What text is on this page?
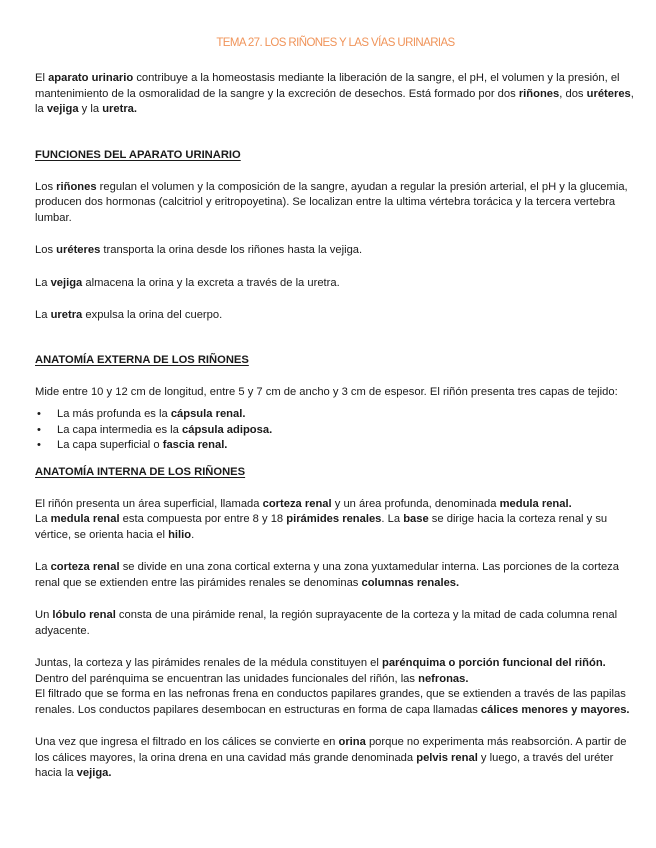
TEMA 27. LOS RIÑONES Y LAS VÍAS URINARIAS

El aparato urinario contribuye a la homeostasis mediante la liberación de la sangre, el pH, el volumen y la presión, el mantenimiento de la osmoralidad de la sangre y la excreción de desechos. Está formado por dos riñones, dos uréteres, la vejiga y la uretra.

FUNCIONES DEL APARATO URINARIO

Los riñones regulan el volumen y la composición de la sangre, ayudan a regular la presión arterial, el pH y la glucemia, producen dos hormonas (calcitriol y eritropoyetina). Se localizan entre la ultima vértebra torácica y la tercera vertebra lumbar.

Los uréteres transporta la orina desde los riñones hasta la vejiga.

La vejiga almacena la orina y la excreta a través de la uretra.

La uretra expulsa la orina del cuerpo.

ANATOMÍA EXTERNA DE LOS RIÑONES

Mide entre 10 y 12 cm de longitud, entre 5 y 7 cm de ancho y 3 cm de espesor. El riñón presenta tres capas de tejido:

• La más profunda es la cápsula renal.
• La capa intermedia es la cápsula adiposa.
• La capa superficial o fascia renal.
ANATOMÍA INTERNA DE LOS RIÑONES

El riñón presenta un área superficial, llamada corteza renal y un área profunda, denominada medula renal.

La medula renal esta compuesta por entre 8 y 18 pirámides renales. La base se dirige hacia la corteza renal y su vértice, se orienta hacia el hilio.

La corteza renal se divide en una zona cortical externa y una zona yuxtamedular interna. Las porciones de la corteza renal que se extienden entre las pirámides renales se denominas columnas renales.

Un lóbulo renal consta de una pirámide renal, la región suprayacente de la corteza y la mitad de cada columna renal adyacente.

Juntas, la corteza y las pirámides renales de la médula constituyen el parénquima o porción funcional del riñón. Dentro del parénquima se encuentran las unidades funcionales del riñón, las nefronas.

El filtrado que se forma en las nefronas frena en conductos papilares grandes, que se extienden a través de las papilas renales. Los conductos papilares desembocan en estructuras en forma de capa llamadas cálices menores y mayores.

Una vez que ingresa el filtrado en los cálices se convierte en orina porque no experimenta más reabsorción. A partir de los cálices mayores, la orina drena en una cavidad más grande denominada pelvis renal y luego, a través del uréter hacia la vejiga.
